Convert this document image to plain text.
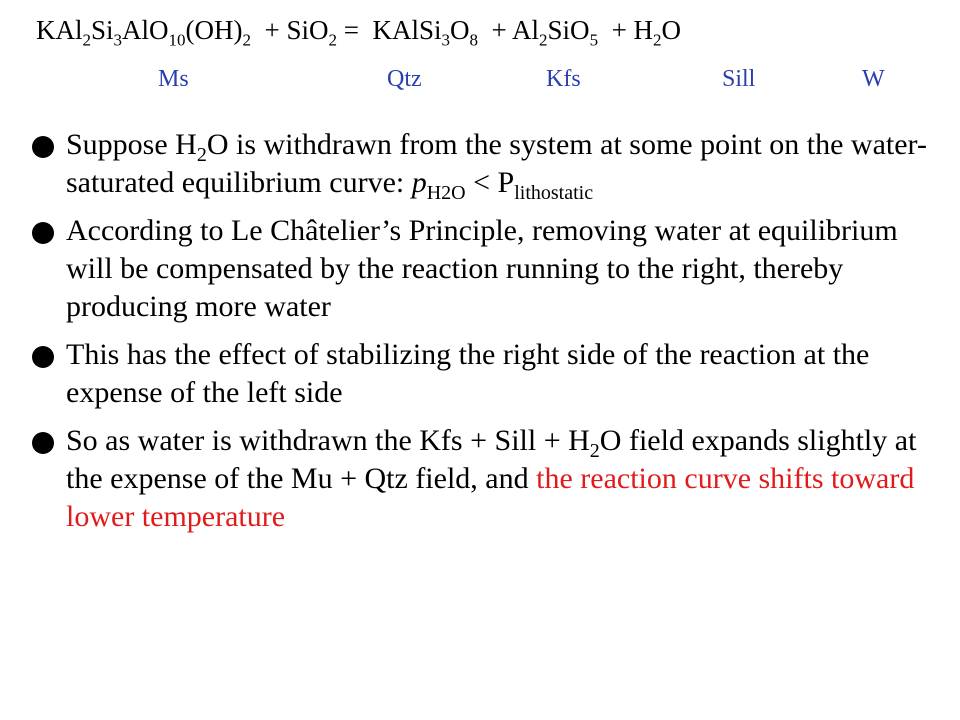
$KAl_2Si_3AlO_{10}(OH)_2 + SiO_2$ = $KAlSi_3O_8 + Al_2SiO_5 + H_2O$
Ms	Qtz	Kfs	Sill	W
Suppose $H_2O$ is withdrawn from the system at some point on the water-saturated equilibrium curve: $p_{H2O} < P_{lithostatic}$
According to Le Châtelier’s Principle, removing water at equilibrium will be compensated by the reaction running to the right, thereby producing more water
This has the effect of stabilizing the right side of the reaction at the expense of the left side
So as water is withdrawn the Kfs + Sill + $H_2O$ field expands slightly at the expense of the Mu + Qtz field, and the reaction curve shifts toward lower temperature
